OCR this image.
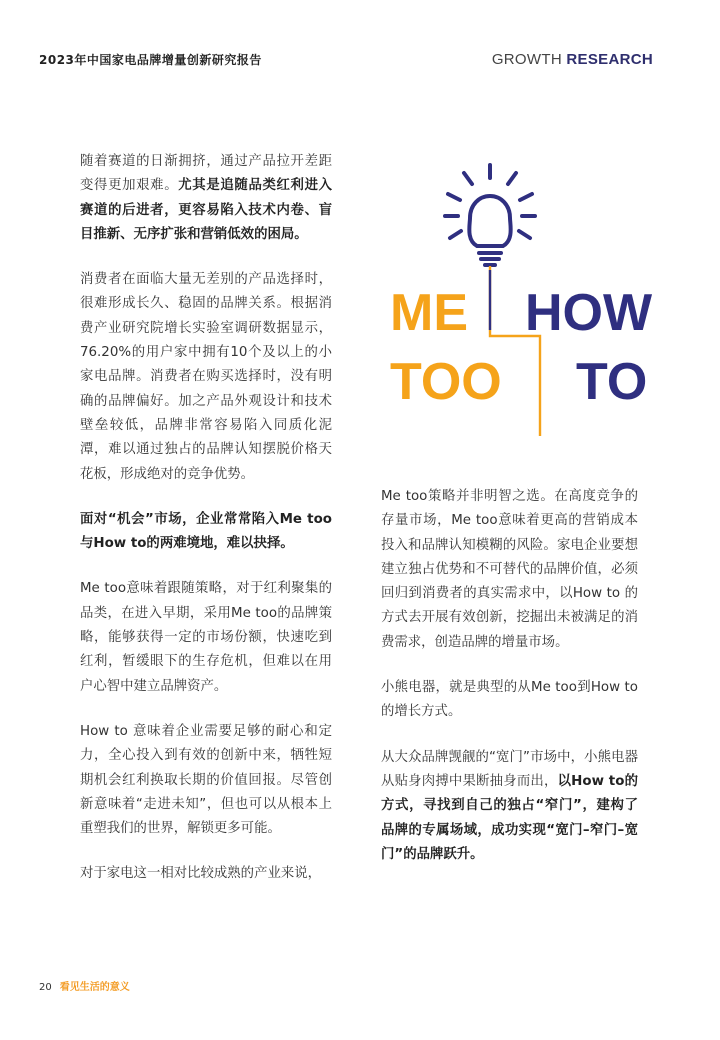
2023年中国家电品牌增量创新研究报告	GROWTH RESEARCH

随着赛道的日渐拥挤，通过产品拉开差距变得更加艰难。尤其是追随品类红利进入赛道的后进者，更容易陷入技术内卷、盲目推新、无序扩张和营销低效的困局。

消费者在面临大量无差别的产品选择时，很难形成长久、稳固的品牌关系。根据消费产业研究院增长实验室调研数据显示，76.20%的用户家中拥有10个及以上的小家电品牌。消费者在购买选择时，没有明确的品牌偏好。加之产品外观设计和技术壁垒较低，品牌非常容易陷入同质化泥潭，难以通过独占的品牌认知摆脱价格天花板，形成绝对的竞争优势。

面对“机会”市场，企业常常陷入Me too与How to的两难境地，难以抉择。

Me too意味着跟随策略，对于红利聚集的品类，在进入早期，采用Me too的品牌策略，能够获得一定的市场份额，快速吃到红利，暂缓眼下的生存危机，但难以在用户心智中建立品牌资产。

How to 意味着企业需要足够的耐心和定力，全心投入到有效的创新中来，牺牲短期机会红利换取长期的价值回报。尽管创新意味着“走进未知”，但也可以从根本上重塑我们的世界，解锁更多可能。

对于家电这一相对比较成熟的产业来说，

ME
TOO
HOW
TO

Me too策略并非明智之选。在高度竞争的存量市场，Me too意味着更高的营销成本投入和品牌认知模糊的风险。家电企业要想建立独占优势和不可替代的品牌价值，必须回归到消费者的真实需求中，以How to 的方式去开展有效创新，挖掘出未被满足的消费需求，创造品牌的增量市场。

小熊电器，就是典型的从Me too到How to的增长方式。

从大众品牌觊觎的“宽门”市场中，小熊电器从贴身肉搏中果断抽身而出，以How to的方式，寻找到自己的独占“窄门”，建构了品牌的专属场域，成功实现“宽门–窄门–宽门”的品牌跃升。

20 看见生活的意义
